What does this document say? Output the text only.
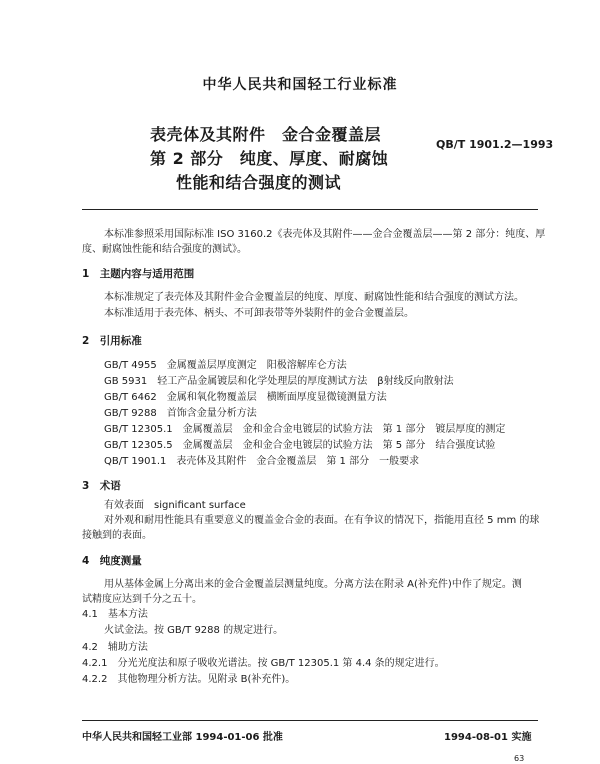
中华人民共和国轻工行业标准
表壳体及其附件　金合金覆盖层
第 2 部分　纯度、厚度、耐腐蚀
性能和结合强度的测试
QB/T 1901.2—1993
本标准参照采用国际标准 ISO 3160.2《表壳体及其附件——金合金覆盖层——第 2 部分：纯度、厚
度、耐腐蚀性能和结合强度的测试》。
1　主题内容与适用范围
本标准规定了表壳体及其附件金合金覆盖层的纯度、厚度、耐腐蚀性能和结合强度的测试方法。
本标准适用于表壳体、柄头、不可卸表带等外装附件的金合金覆盖层。
2　引用标准
GB/T 4955　金属覆盖层厚度测定　阳极溶解库仑方法
GB 5931　轻工产品金属镀层和化学处理层的厚度测试方法　β射线反向散射法
GB/T 6462　金属和氧化物覆盖层　横断面厚度显微镜测量方法
GB/T 9288　首饰含金量分析方法
GB/T 12305.1　金属覆盖层　金和金合金电镀层的试验方法　第 1 部分　镀层厚度的测定
GB/T 12305.5　金属覆盖层　金和金合金电镀层的试验方法　第 5 部分　结合强度试验
QB/T 1901.1　表壳体及其附件　金合金覆盖层　第 1 部分　一般要求
3　术语
有效表面　significant surface
对外观和耐用性能具有重要意义的覆盖金合金的表面。在有争议的情况下，指能用直径 5 mm 的球
接触到的表面。
4　纯度测量
用从基体金属上分离出来的金合金覆盖层测量纯度。分离方法在附录 A(补充件)中作了规定。测
试精度应达到千分之五十。
4.1　基本方法
火试金法。按 GB/T 9288 的规定进行。
4.2　辅助方法
4.2.1　分光光度法和原子吸收光谱法。按 GB/T 12305.1 第 4.4 条的规定进行。
4.2.2　其他物理分析方法。见附录 B(补充件)。
中华人民共和国轻工业部 1994-01-06 批准	1994-08-01 实施
63
